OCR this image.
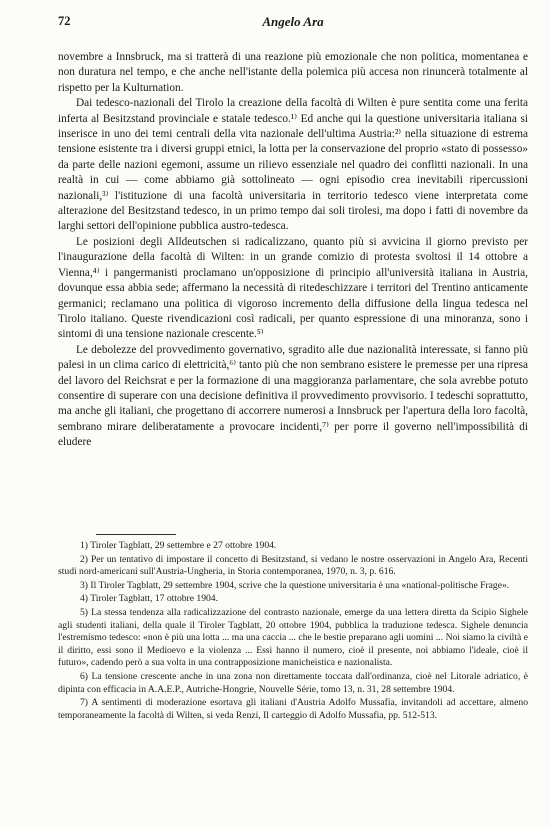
72	Angelo Ara

novembre a Innsbruck, ma si tratterà di una reazione più emozionale che non politica, momentanea e non duratura nel tempo, e che anche nell'istante della polemica più accesa non rinuncerà totalmente al rispetto per la Kulturnation.

Dai tedesco-nazionali del Tirolo la creazione della facoltà di Wilten è pure sentita come una ferita inferta al Besitzstand provinciale e statale tedesco.¹⁾ Ed anche qui la questione universitaria italiana si inserisce in uno dei temi centrali della vita nazionale dell'ultima Austria:²⁾ nella situazione di estrema tensione esistente tra i diversi gruppi etnici, la lotta per la conservazione del proprio «stato di possesso» da parte delle nazioni egemoni, assume un rilievo essenziale nel quadro dei conflitti nazionali. In una realtà in cui — come abbiamo già sottolineato — ogni episodio crea inevitabili ripercussioni nazionali,³⁾ l'istituzione di una facoltà universitaria in territorio tedesco viene interpretata come alterazione del Besitzstand tedesco, in un primo tempo dai soli tirolesi, ma dopo i fatti di novembre da larghi settori dell'opinione pubblica austro-tedesca.

Le posizioni degli Alldeutschen si radicalizzano, quanto più si avvicina il giorno previsto per l'inaugurazione della facoltà di Wilten: in un grande comizio di protesta svoltosi il 14 ottobre a Vienna,⁴⁾ i pangermanisti proclamano un'opposizione di principio all'università italiana in Austria, dovunque essa abbia sede; affermano la necessità di ritedeschizzare i territori del Trentino anticamente germanici; reclamano una politica di vigoroso incremento della diffusione della lingua tedesca nel Tirolo italiano. Queste rivendicazioni così radicali, per quanto espressione di una minoranza, sono i sintomi di una tensione nazionale crescente.⁵⁾

Le debolezze del provvedimento governativo, sgradito alle due nazionalità interessate, si fanno più palesi in un clima carico di elettricità,⁶⁾ tanto più che non sembrano esistere le premesse per una ripresa del lavoro del Reichsrat e per la formazione di una maggioranza parlamentare, che sola avrebbe potuto consentire di superare con una decisione definitiva il provvedimento provvisorio. I tedeschi soprattutto, ma anche gli italiani, che progettano di accorrere numerosi a Innsbruck per l'apertura della loro facoltà, sembrano mirare deliberatamente a provocare incidenti,⁷⁾ per porre il governo nell'impossibilità di eludere

1) Tiroler Tagblatt, 29 settembre e 27 ottobre 1904.

2) Per un tentativo di impostare il concetto di Besitzstand, si vedano le nostre osservazioni in Angelo Ara, Recenti studi nord-americani sull'Austria-Ungheria, in Storia contemporanea, 1970, n. 3, p. 616.

3) Il Tiroler Tagblatt, 29 settembre 1904, scrive che la questione universitaria è una «national-politische Frage».

4) Tiroler Tagblatt, 17 ottobre 1904.

5) La stessa tendenza alla radicalizzazione del contrasto nazionale, emerge da una lettera diretta da Scipio Sighele agli studenti italiani, della quale il Tiroler Tagblatt, 20 ottobre 1904, pubblica la traduzione tedesca. Sighele denuncia l'estremismo tedesco: «non è più una lotta ... ma una caccia ... che le bestie preparano agli uomini ... Noi siamo la civiltà e il diritto, essi sono il Medioevo e la violenza ... Essi hanno il numero, cioè il presente, noi abbiamo l'ideale, cioè il futuro», cadendo però a sua volta in una contrapposizione manicheistica e nazionalista.

6) La tensione crescente anche in una zona non direttamente toccata dall'ordinanza, cioè nel Litorale adriatico, è dipinta con efficacia in A.A.E.P., Autriche-Hongrie, Nouvelle Série, tomo 13, n. 31, 28 settembre 1904.

7) A sentimenti di moderazione esortava gli italiani d'Austria Adolfo Mussafia, invitandoli ad accettare, almeno temporaneamente la facoltà di Wilten, si veda Renzi, Il carteggio di Adolfo Mussafia, pp. 512-513.
